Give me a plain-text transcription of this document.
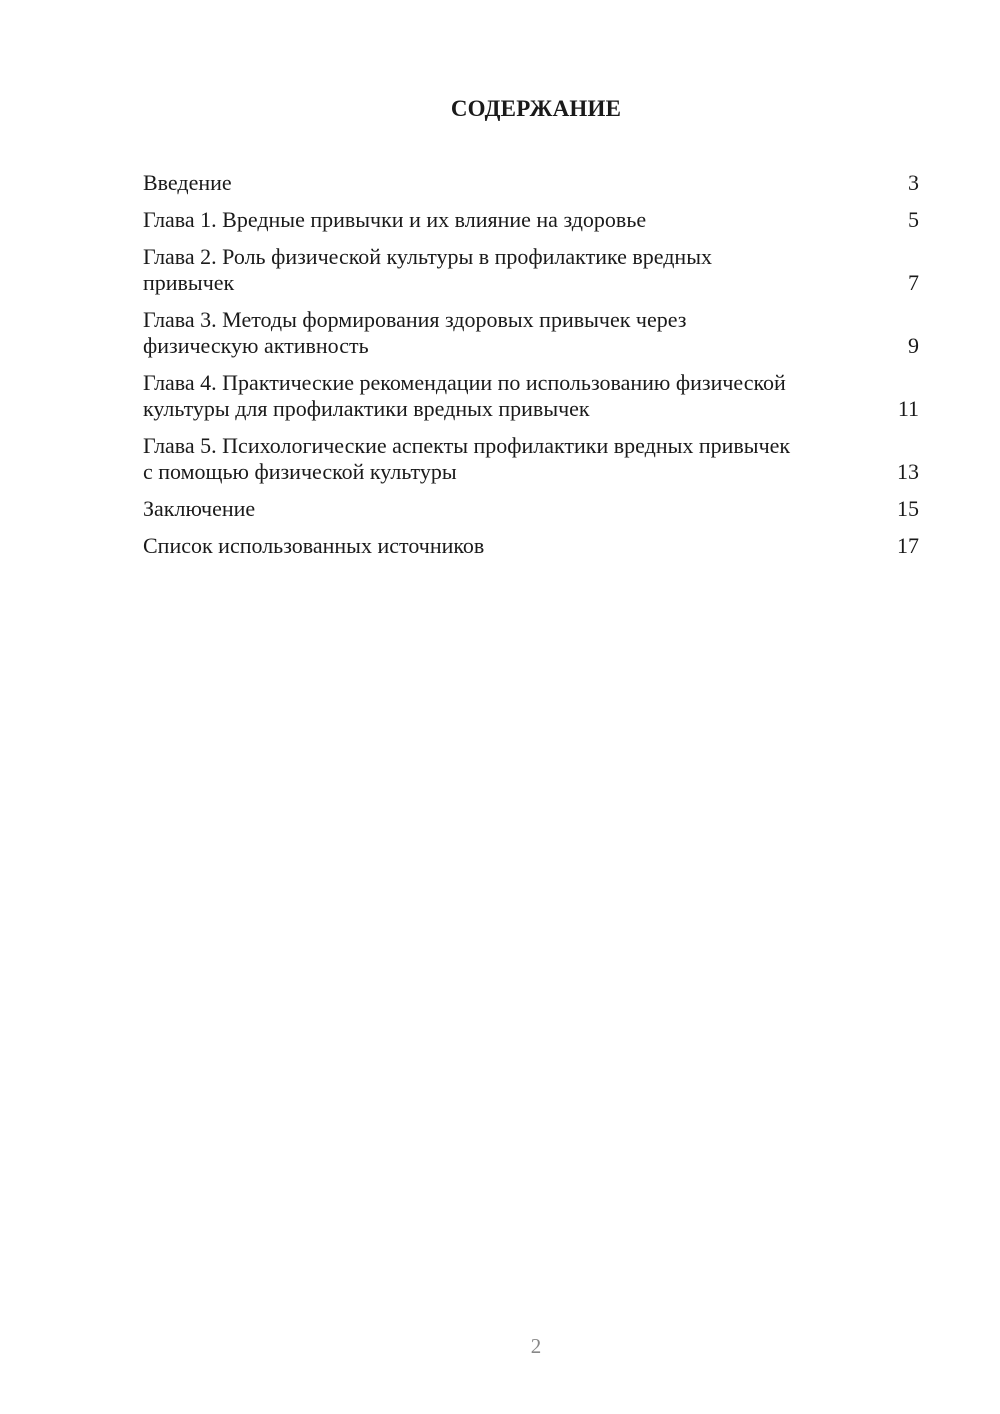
СОДЕРЖАНИЕ
Введение	3
Глава 1. Вредные привычки и их влияние на здоровье	5
Глава 2. Роль физической культуры в профилактике вредных привычек	7
Глава 3. Методы формирования здоровых привычек через физическую активность	9
Глава 4. Практические рекомендации по использованию физической культуры для профилактики вредных привычек	11
Глава 5. Психологические аспекты профилактики вредных привычек с помощью физической культуры	13
Заключение	15
Список использованных источников	17
2
